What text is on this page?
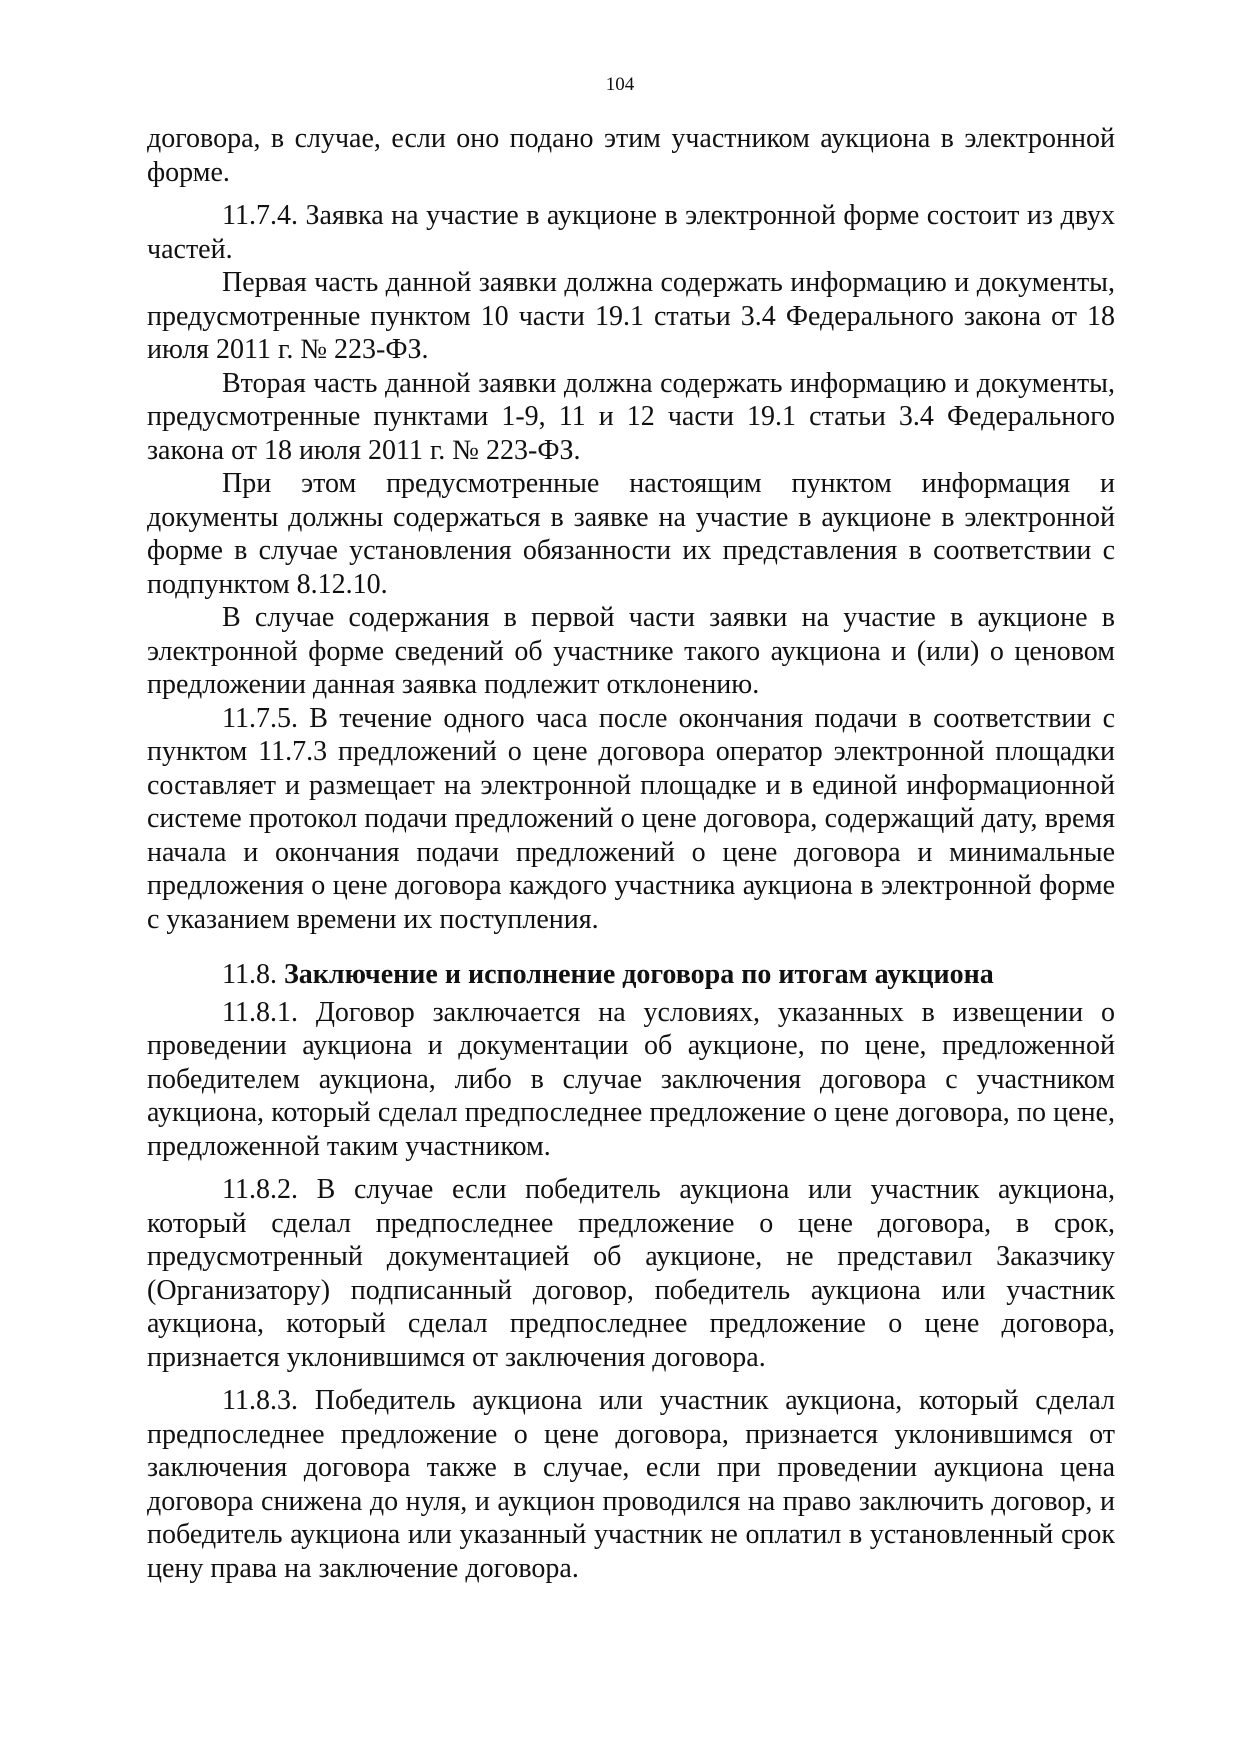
104

договора, в случае, если оно подано этим участником аукциона в электронной форме.

11.7.4. Заявка на участие в аукционе в электронной форме состоит из двух частей.

Первая часть данной заявки должна содержать информацию и документы, предусмотренные пунктом 10 части 19.1 статьи 3.4 Федерального закона от 18 июля 2011 г. № 223-ФЗ.

Вторая часть данной заявки должна содержать информацию и документы, предусмотренные пунктами 1-9, 11 и 12 части 19.1 статьи 3.4 Федерального закона от 18 июля 2011 г. № 223-ФЗ.

При этом предусмотренные настоящим пунктом информация и документы должны содержаться в заявке на участие в аукционе в электронной форме в случае установления обязанности их представления в соответствии с подпунктом 8.12.10.

В случае содержания в первой части заявки на участие в аукционе в электронной форме сведений об участнике такого аукциона и (или) о ценовом предложении данная заявка подлежит отклонению.

11.7.5. В течение одного часа после окончания подачи в соответствии с пунктом 11.7.3 предложений о цене договора оператор электронной площадки составляет и размещает на электронной площадке и в единой информационной системе протокол подачи предложений о цене договора, содержащий дату, время начала и окончания подачи предложений о цене договора и минимальные предложения о цене договора каждого участника аукциона в электронной форме с указанием времени их поступления.

11.8. Заключение и исполнение договора по итогам аукциона

11.8.1. Договор заключается на условиях, указанных в извещении о проведении аукциона и документации об аукционе, по цене, предложенной победителем аукциона, либо в случае заключения договора с участником аукциона, который сделал предпоследнее предложение о цене договора, по цене, предложенной таким участником.

11.8.2. В случае если победитель аукциона или участник аукциона, который сделал предпоследнее предложение о цене договора, в срок, предусмотренный документацией об аукционе, не представил Заказчику (Организатору) подписанный договор, победитель аукциона или участник аукциона, который сделал предпоследнее предложение о цене договора, признается уклонившимся от заключения договора.

11.8.3. Победитель аукциона или участник аукциона, который сделал предпоследнее предложение о цене договора, признается уклонившимся от заключения договора также в случае, если при проведении аукциона цена договора снижена до нуля, и аукцион проводился на право заключить договор, и победитель аукциона или указанный участник не оплатил в установленный срок цену права на заключение договора.
